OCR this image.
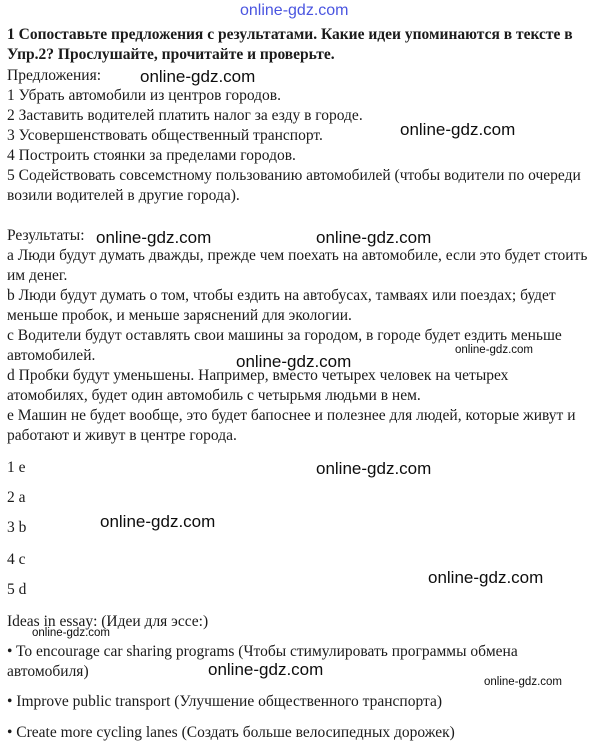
online-gdz.com
online-gdz.com
online-gdz.com
online-gdz.com	online-gdz.com
online-gdz.com
online-gdz.com
online-gdz.com
online-gdz.com
online-gdz.com
online-gdz.com
online-gdz.com
online-gdz.com
1 Сопоставьте предложения с результатами. Какие идеи упоминаются в тексте в Упр.2? Прослушайте, прочитайте и проверьте.
Предложения:
1 Убрать автомобили из центров городов.
2 Заставить водителей платить налог за езду в городе.
3 Усовершенствовать общественный транспорт.
4 Построить стоянки за пределами городов.
5 Содействовать совсемстному пользованию автомобилей (чтобы водители по очереди возили водителей в другие города).
Результаты:
a Люди будут думать дважды, прежде чем поехать на автомобиле, если это будет стоить им денег.
b Люди будут думать о том, чтобы ездить на автобусах, тамваях или поездах; будет меньше пробок, и меньше заряснений для экологии.
c Водители будут оставлять свои машины за городом, в городе будет ездить меньше автомобилей.
d Пробки будут уменьшены. Например, вместо четырех человек на четырех атомобилях, будет один автомобиль с четырьмя людьми в нем.
e Машин не будет вообще, это будет бапоснее и полезнее для людей, которые живут и работают и живут в центре города.
1 e
2 a
3 b
4 c
5 d
Ideas in essay: (Идеи для эссе:)
• To encourage car sharing programs (Чтобы стимулировать программы обмена автомобиля)
• Improve public transport (Улучшение общественного транспорта)
• Create more cycling lanes (Создать больше велосипедных дорожек)
